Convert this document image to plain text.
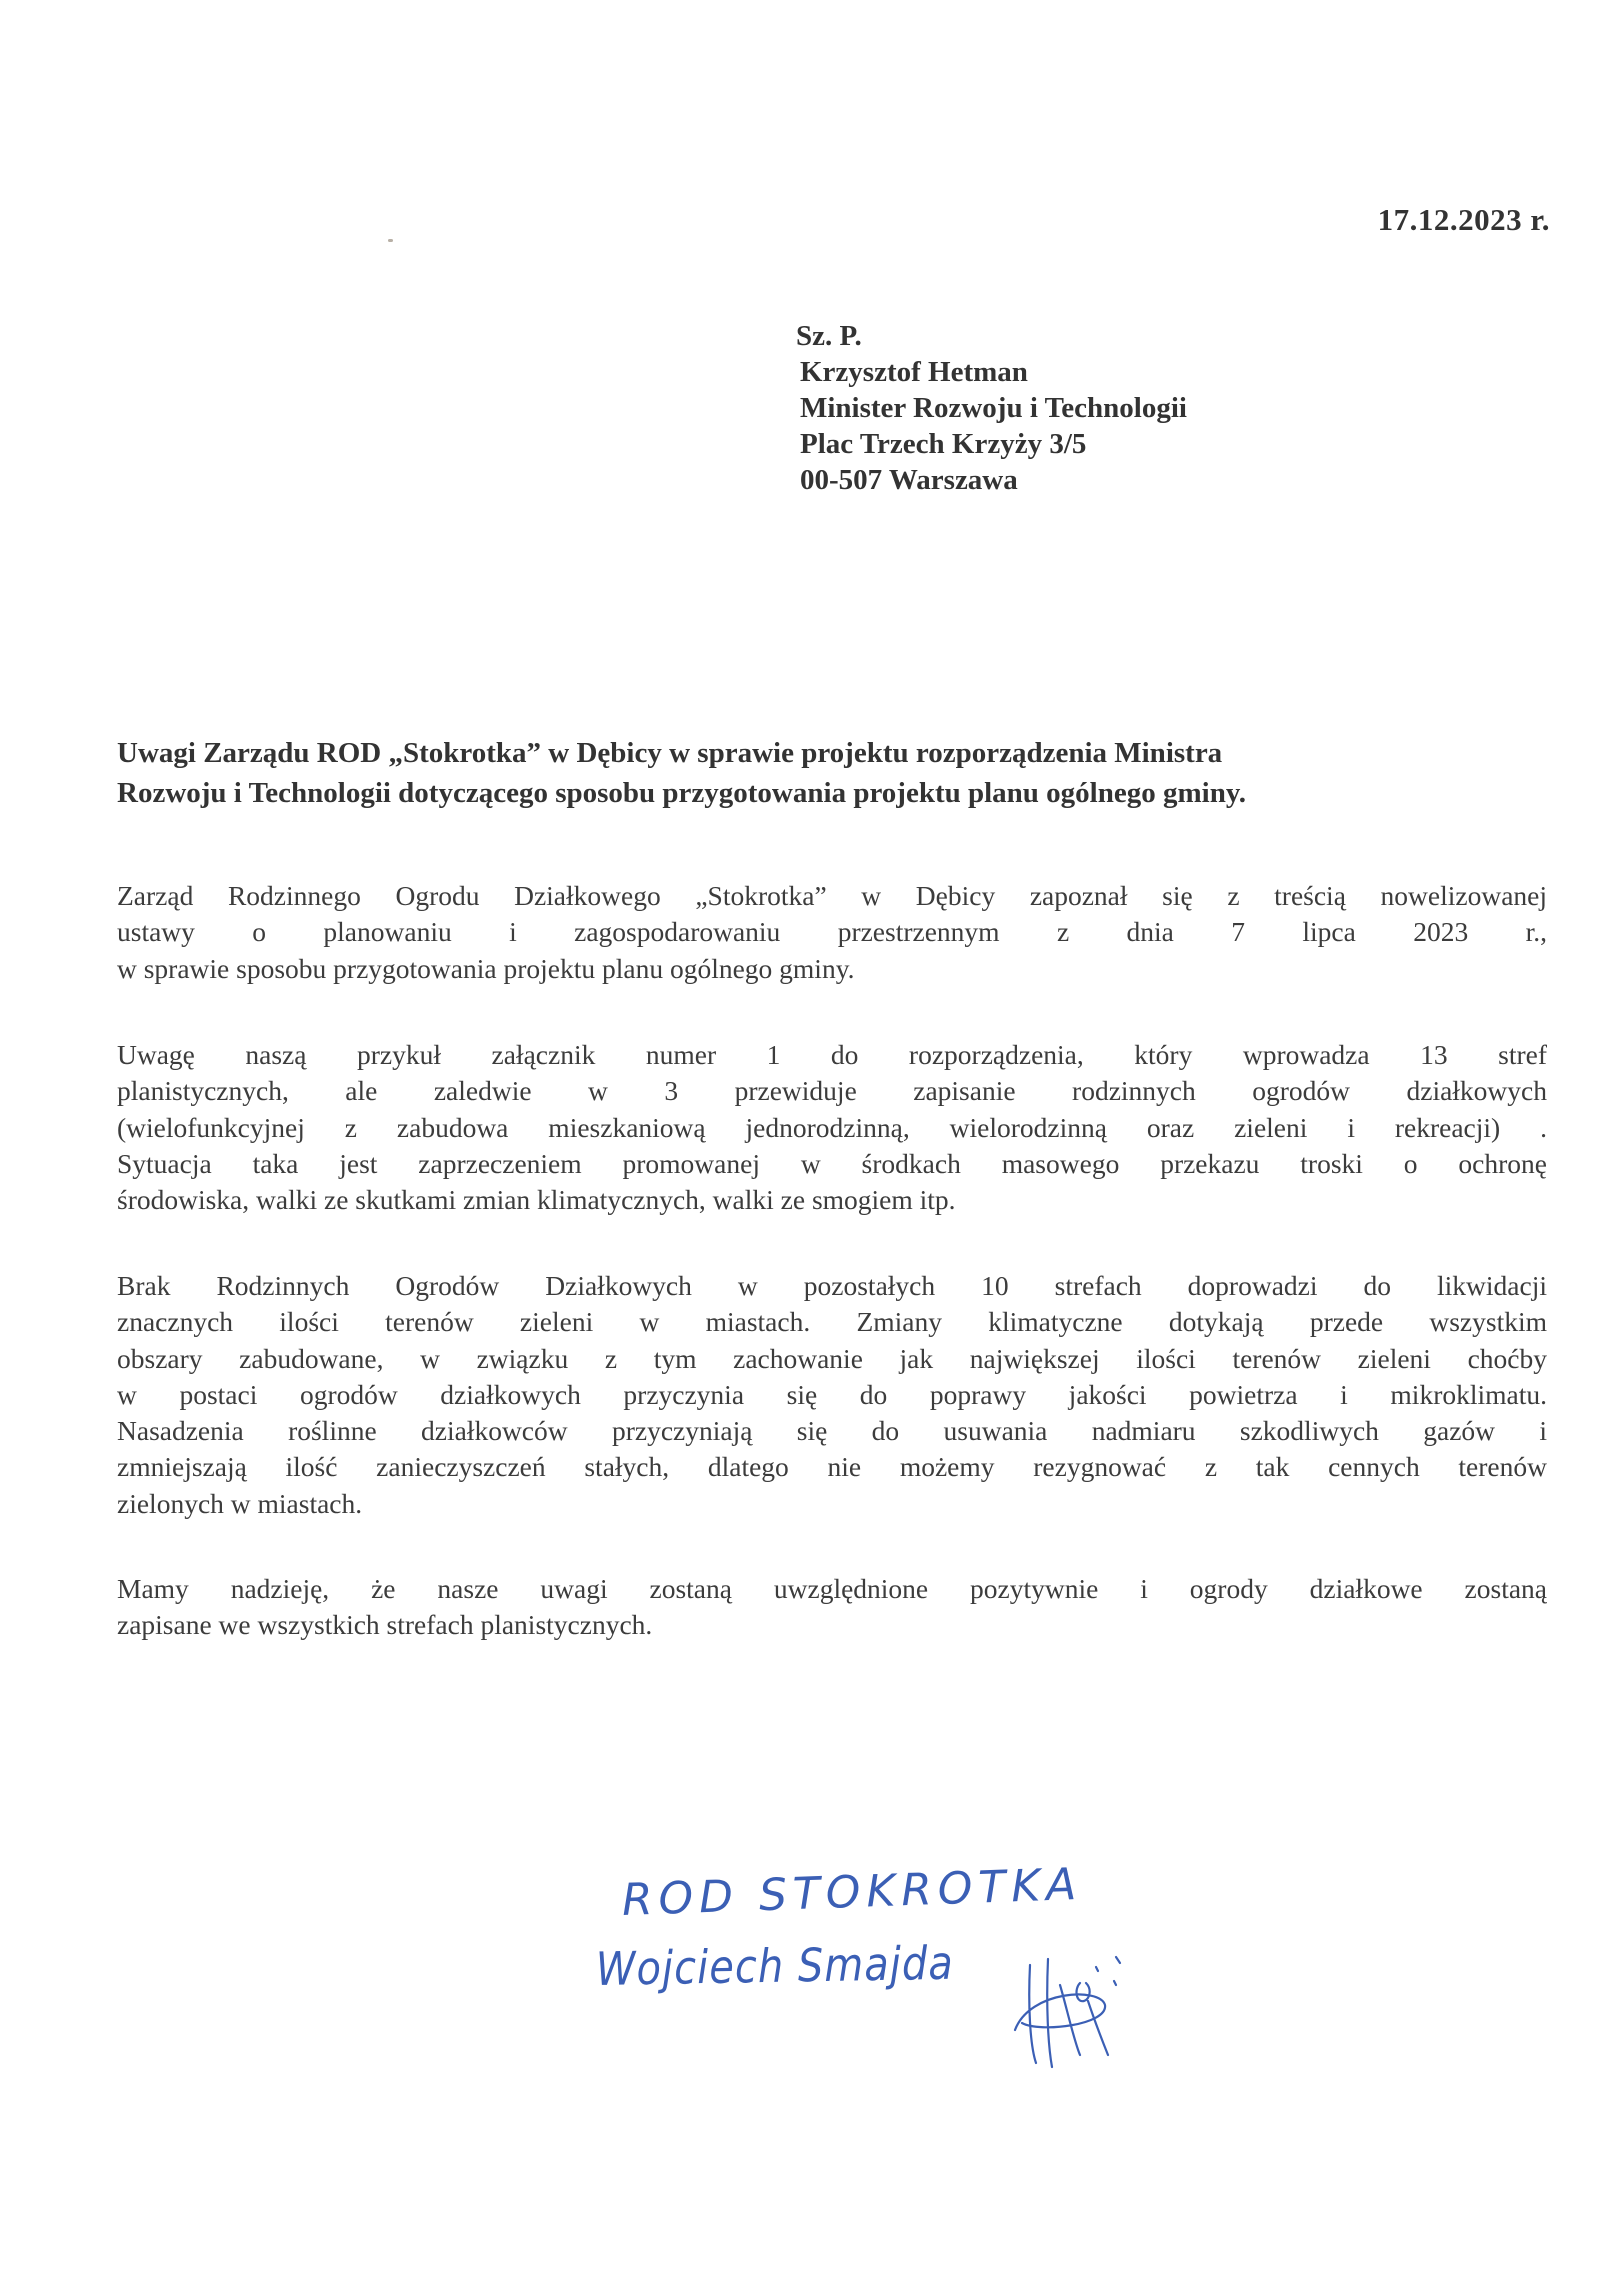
17.12.2023 r.
Sz. P.
Krzysztof Hetman
Minister Rozwoju i Technologii
Plac Trzech Krzyży 3/5
00-507 Warszawa
Uwagi Zarządu ROD „Stokrotka” w Dębicy w sprawie projektu rozporządzenia Ministra
Rozwoju i Technologii dotyczącego sposobu przygotowania projektu planu ogólnego gminy.
Zarząd Rodzinnego Ogrodu Działkowego „Stokrotka” w Dębicy zapoznał się z treścią nowelizowanej
ustawy o planowaniu i zagospodarowaniu przestrzennym z dnia 7 lipca 2023 r.,
w sprawie sposobu przygotowania projektu planu ogólnego gminy.
Uwagę naszą przykuł załącznik numer 1 do rozporządzenia, który wprowadza 13 stref
planistycznych, ale zaledwie w 3 przewiduje zapisanie rodzinnych ogrodów działkowych
(wielofunkcyjnej z zabudowa mieszkaniową jednorodzinną, wielorodzinną oraz zieleni i rekreacji) .
Sytuacja taka jest zaprzeczeniem promowanej w środkach masowego przekazu troski o ochronę
środowiska, walki ze skutkami zmian klimatycznych, walki ze smogiem itp.
Brak Rodzinnych Ogrodów Działkowych w pozostałych 10 strefach doprowadzi do likwidacji
znacznych ilości terenów zieleni w miastach. Zmiany klimatyczne dotykają przede wszystkim
obszary zabudowane, w związku z tym zachowanie jak największej ilości terenów zieleni choćby
w postaci ogrodów działkowych przyczynia się do poprawy jakości powietrza i mikroklimatu.
Nasadzenia roślinne działkowców przyczyniają się do usuwania nadmiaru szkodliwych gazów i
zmniejszają ilość zanieczyszczeń stałych, dlatego nie możemy rezygnować z tak cennych terenów
zielonych w miastach.
Mamy nadzieję, że nasze uwagi zostaną uwzględnione pozytywnie i ogrody działkowe zostaną
zapisane we wszystkich strefach planistycznych.
ROD STOKROTKA
Wojciech Smajda
